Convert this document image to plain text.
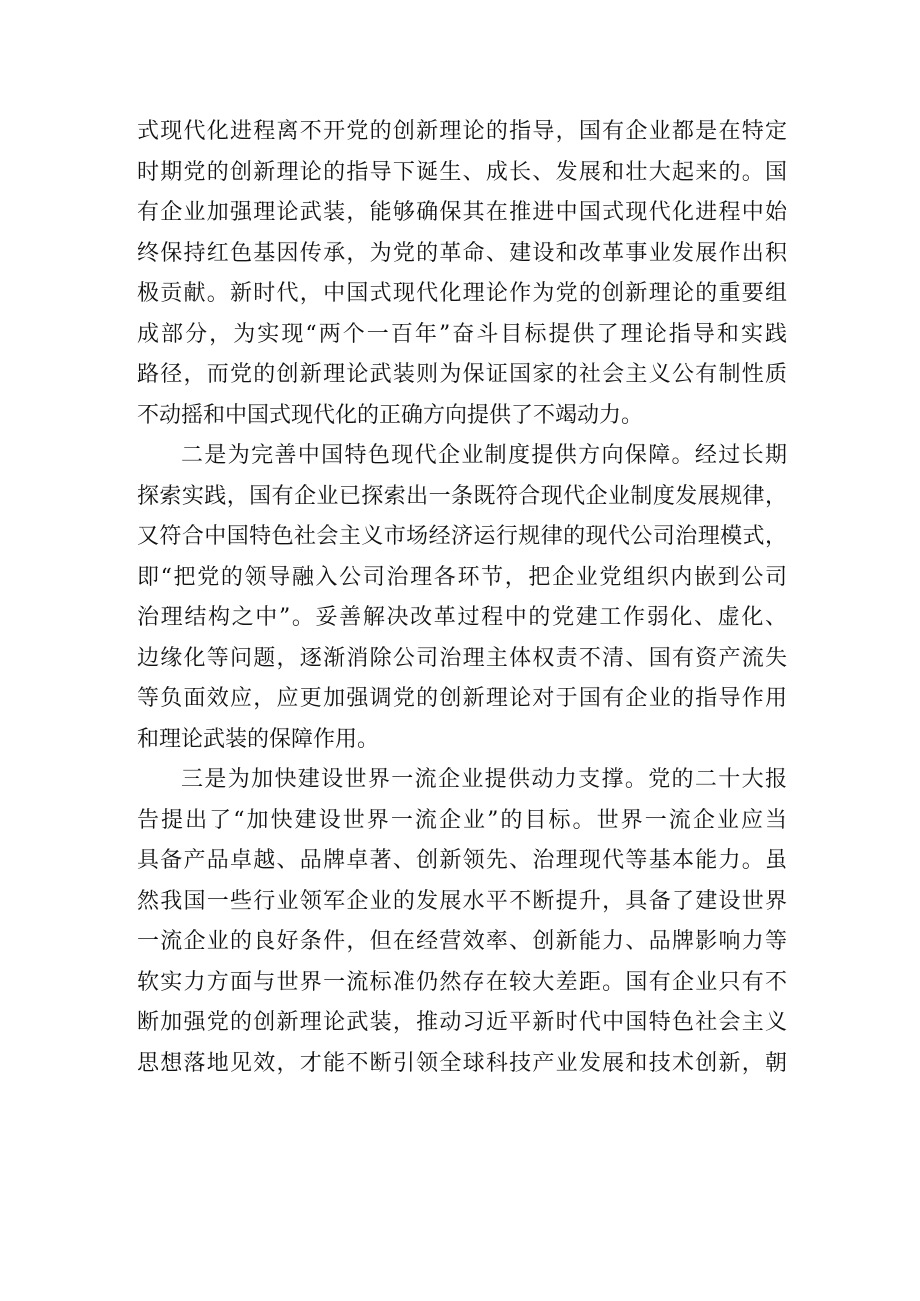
式现代化进程离不开党的创新理论的指导，国有企业都是在特定
时期党的创新理论的指导下诞生、成长、发展和壮大起来的。国
有企业加强理论武装，能够确保其在推进中国式现代化进程中始
终保持红色基因传承，为党的革命、建设和改革事业发展作出积
极贡献。新时代，中国式现代化理论作为党的创新理论的重要组
成部分，为实现“两个一百年”奋斗目标提供了理论指导和实践
路径，而党的创新理论武装则为保证国家的社会主义公有制性质
不动摇和中国式现代化的正确方向提供了不竭动力。
二是为完善中国特色现代企业制度提供方向保障。经过长期
探索实践，国有企业已探索出一条既符合现代企业制度发展规律，
又符合中国特色社会主义市场经济运行规律的现代公司治理模式，
即“把党的领导融入公司治理各环节，把企业党组织内嵌到公司
治理结构之中”。妥善解决改革过程中的党建工作弱化、虚化、
边缘化等问题，逐渐消除公司治理主体权责不清、国有资产流失
等负面效应，应更加强调党的创新理论对于国有企业的指导作用
和理论武装的保障作用。
三是为加快建设世界一流企业提供动力支撑。党的二十大报
告提出了“加快建设世界一流企业”的目标。世界一流企业应当
具备产品卓越、品牌卓著、创新领先、治理现代等基本能力。虽
然我国一些行业领军企业的发展水平不断提升，具备了建设世界
一流企业的良好条件，但在经营效率、创新能力、品牌影响力等
软实力方面与世界一流标准仍然存在较大差距。国有企业只有不
断加强党的创新理论武装，推动习近平新时代中国特色社会主义
思想落地见效，才能不断引领全球科技产业发展和技术创新，朝
